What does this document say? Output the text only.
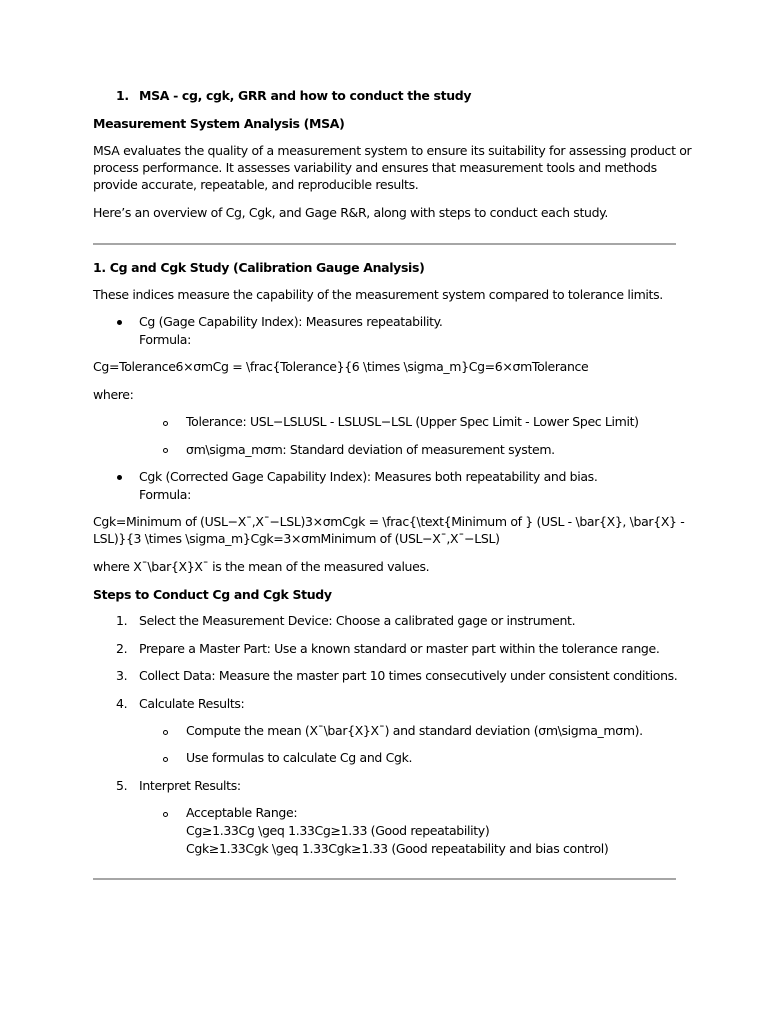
1. MSA - cg, cgk, GRR and how to conduct the study
Measurement System Analysis (MSA)
MSA evaluates the quality of a measurement system to ensure its suitability for assessing product or
process performance. It assesses variability and ensures that measurement tools and methods
provide accurate, repeatable, and reproducible results.
Here’s an overview of Cg, Cgk, and Gage R&R, along with steps to conduct each study.
1. Cg and Cgk Study (Calibration Gauge Analysis)
These indices measure the capability of the measurement system compared to tolerance limits.
Cg (Gage Capability Index): Measures repeatability.
Formula:
Cg=Tolerance6×σmCg = \frac{Tolerance}{6 \times \sigma_m}Cg=6×σmTolerance
where:
Tolerance: USL−LSLUSL - LSLUSL−LSL (Upper Spec Limit - Lower Spec Limit)
σm\sigma_mσm: Standard deviation of measurement system.
Cgk (Corrected Gage Capability Index): Measures both repeatability and bias.
Formula:
Cgk=Minimum of (USL−X¯,X¯−LSL)3×σmCgk = \frac{\text{Minimum of } (USL - \bar{X}, \bar{X} -
LSL)}{3 \times \sigma_m}Cgk=3×σmMinimum of (USL−X¯,X¯−LSL)
where X¯\bar{X}X¯ is the mean of the measured values.
Steps to Conduct Cg and Cgk Study
1. Select the Measurement Device: Choose a calibrated gage or instrument.
2. Prepare a Master Part: Use a known standard or master part within the tolerance range.
3. Collect Data: Measure the master part 10 times consecutively under consistent conditions.
4. Calculate Results:
Compute the mean (X¯\bar{X}X¯) and standard deviation (σm\sigma_mσm).
Use formulas to calculate Cg and Cgk.
5. Interpret Results:
Acceptable Range:
Cg≥1.33Cg \geq 1.33Cg≥1.33 (Good repeatability)
Cgk≥1.33Cgk \geq 1.33Cgk≥1.33 (Good repeatability and bias control)
